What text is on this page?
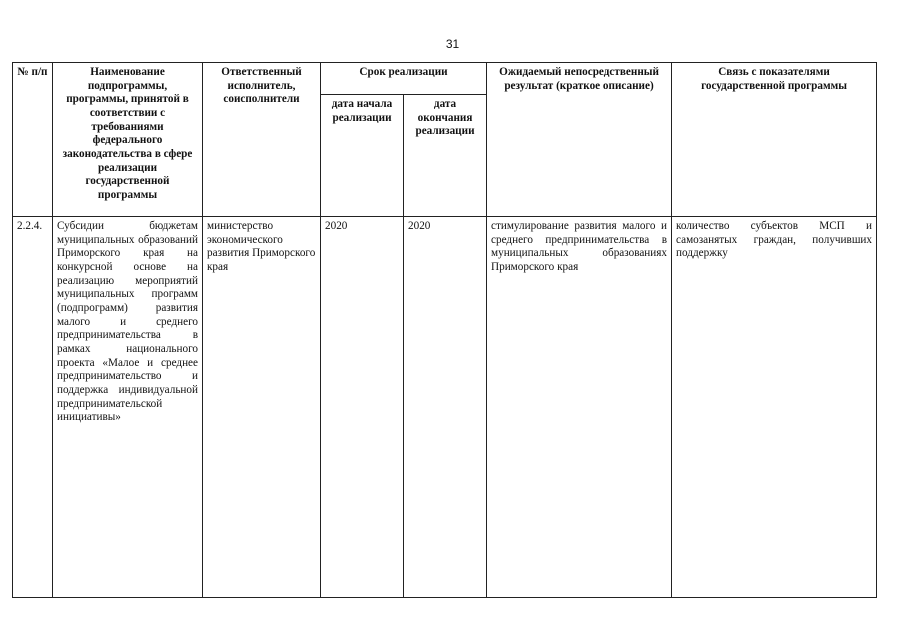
31
№ п/п	Наименование подпрограммы, программы, принятой в соответствии с требованиями федерального законодательства в сфере реализации государственной программы	Ответственный исполнитель, соисполнители	Срок реализации		Ожидаемый непосредственный результат (краткое описание)	Связь с показателями государственной программы
			дата начала реализации	дата окончания реализации		
2.2.4.	Субсидии бюджетам муниципальных образований Приморского края на конкурсной основе на реализацию мероприятий муниципальных программ (подпрограмм) развития малого и среднего предпринимательства в рамках национального проекта «Малое и среднее предпринимательство и поддержка индивидуальной предпринимательской инициативы»	министерство экономического развития Приморского края	2020	2020	стимулирование развития малого и среднего предпринимательства в муниципальных образованиях Приморского края	количество субъектов МСП и самозанятых граждан, получивших поддержку
